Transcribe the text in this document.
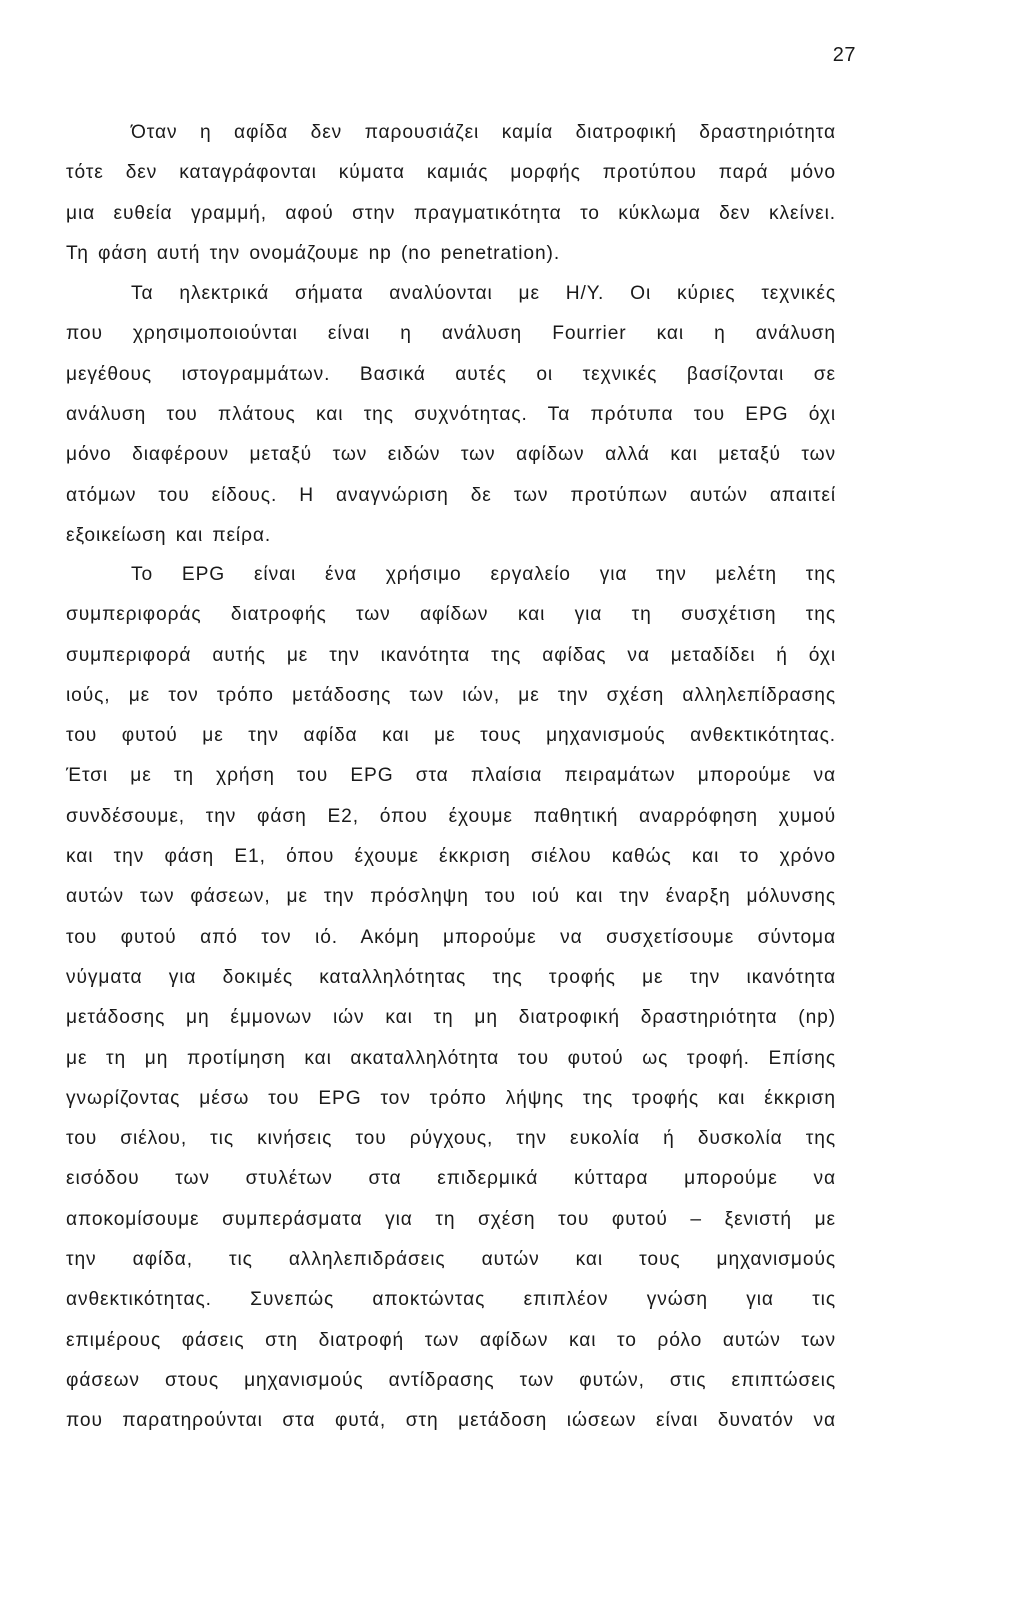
27
Όταν η αφίδα δεν παρουσιάζει καμία διατροφική δραστηριότητα
τότε δεν καταγράφονται κύματα καμιάς μορφής προτύπου παρά μόνο
μια ευθεία γραμμή, αφού στην πραγματικότητα το κύκλωμα δεν κλείνει.
Τη φάση αυτή την ονομάζουμε np (no penetration).
Τα ηλεκτρικά σήματα αναλύονται με Η/Υ. Οι κύριες τεχνικές
που χρησιμοποιούνται είναι η ανάλυση Fourrier και η ανάλυση
μεγέθους ιστογραμμάτων. Βασικά αυτές οι τεχνικές βασίζονται σε
ανάλυση του πλάτους και της συχνότητας. Τα πρότυπα του EPG όχι
μόνο διαφέρουν μεταξύ των ειδών των αφίδων αλλά και μεταξύ των
ατόμων του είδους. Η αναγνώριση δε των προτύπων αυτών απαιτεί
εξοικείωση και πείρα.
Το EPG είναι ένα χρήσιμο εργαλείο για την μελέτη της
συμπεριφοράς διατροφής των αφίδων και για τη συσχέτιση της
συμπεριφορά αυτής με την ικανότητα της αφίδας να μεταδίδει ή όχι
ιούς, με τον τρόπο μετάδοσης των ιών, με την σχέση αλληλεπίδρασης
του φυτού με την αφίδα και με τους μηχανισμούς ανθεκτικότητας.
Έτσι με τη χρήση του EPG στα πλαίσια πειραμάτων μπορούμε να
συνδέσουμε, την φάση Ε2, όπου έχουμε παθητική αναρρόφηση χυμού
και την φάση Ε1, όπου έχουμε έκκριση σιέλου καθώς και το χρόνο
αυτών των φάσεων, με την πρόσληψη του ιού και την έναρξη μόλυνσης
του φυτού από τον ιό. Ακόμη μπορούμε να συσχετίσουμε σύντομα
νύγματα για δοκιμές καταλληλότητας της τροφής με την ικανότητα
μετάδοσης μη έμμονων ιών και τη μη διατροφική δραστηριότητα (np)
με τη μη προτίμηση και ακαταλληλότητα του φυτού ως τροφή. Επίσης
γνωρίζοντας μέσω του EPG τον τρόπο λήψης της τροφής και έκκριση
του σιέλου, τις κινήσεις του ρύγχους, την ευκολία ή δυσκολία της
εισόδου των στυλέτων στα επιδερμικά κύτταρα μπορούμε να
αποκομίσουμε συμπεράσματα για τη σχέση του φυτού – ξενιστή με
την αφίδα, τις αλληλεπιδράσεις αυτών και τους μηχανισμούς
ανθεκτικότητας. Συνεπώς αποκτώντας επιπλέον γνώση για τις
επιμέρους φάσεις στη διατροφή των αφίδων και το ρόλο αυτών των
φάσεων στους μηχανισμούς αντίδρασης των φυτών, στις επιπτώσεις
που παρατηρούνται στα φυτά, στη μετάδοση ιώσεων είναι δυνατόν να
